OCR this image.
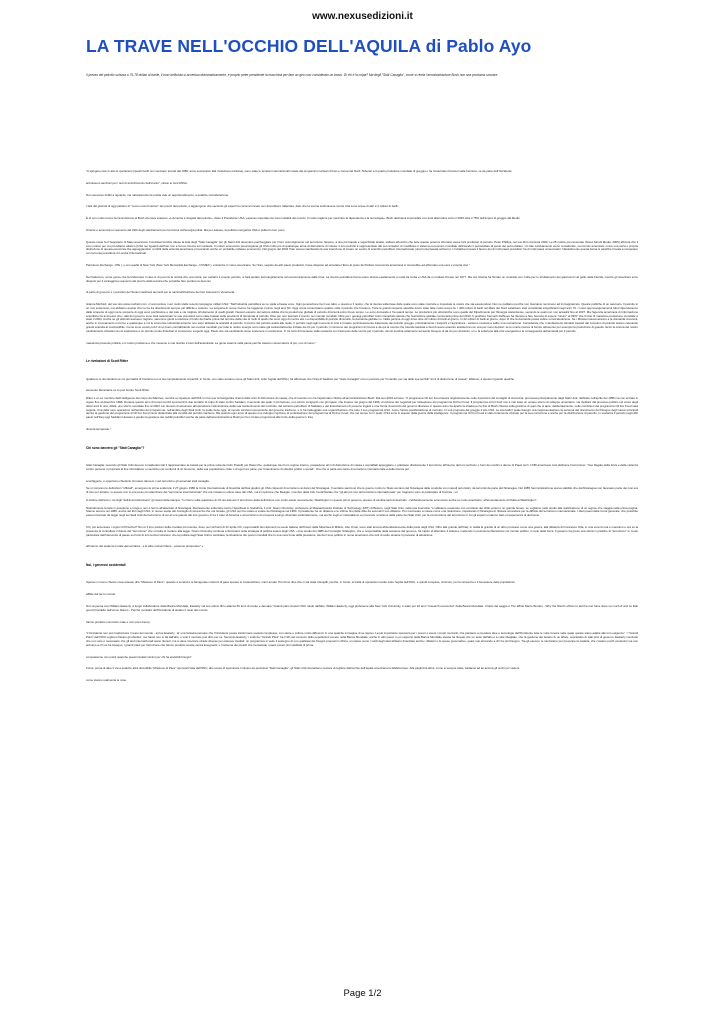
www.nexusedizioni.it
LA TRAVE NELL'OCCHIO DELL'AQUILA di Pablo Ayo
Il prezzo del petrolio schizza a 75-78 dollari al barile, il tono bellicista si accentua drammaticamente, è proprio peter presidente la macchina per fare un giro così considerato un bravo. Di chi è la colpa? Ma degli "Stati Canaglia", come si rivela l'amministrazione Bush non una proclama scovare.

"A spingere cioè in alto le quotazioni (questi livelli non venivano toccati dal 1980, anno successivo alla rivoluzione iraniana), sono state le tensioni internazionali create dai programmi nucleari di Iran e Corea del Nord. Teheran è il quarto produttore mondiale di greggio e ha minacciato ritorsioni nella fornitura, se da parte dell'Occidente

arrivassero sanzioni per i test di arricchimento dell'uranio", citano le fonti ANSA.

Non avevamo dubbi a riguardo, ma naturalmente la notizia vale un approfondimento, a qualche considerazione.

I fatti del giornali di oggi parlano di "nuovo record storico" dei prezzi del petrolio, e aggiungono che secondo gli esperti la corsa al rincaro non dovrebbero rallentare, dato che la scorsa settimana le scorte Usa sono scese di altri 2,4 milioni di barili.

È di non molto tempo fa l'ammissione di Bush che lava scatpore «L'America è drogata dal petrolio», disse il Presidente USA, «spesso importato da zone instabili del mondo. Il modo migliore per spezzare la dipendenza è la tecnologia». Bush destinava impossibile con fonti alternative entro il 2025 oltre il 75% dell'import di greggio dal Medio

Oriente e annuncia un aumento del 22% degli stanziamenti per la ricerca sull'energia pulita. Ma per adesso, la politica energetica USA è pulita ho ben poco.

Questo mese fa il Segretario di Stato americano Condoleezza Rice attese la lista degli "Stati Canaglia" per gli Stati Uniti dovevano parcheggiare per il loro coinvolgimento nel terrorismo. Eppure, a una più banale e superficiale analisi, saltava all'occhio che tutte queste potenze sfrenano avere forti produttori di petrolio. Peter Phillips, nel suo libro Censura 2006: Le 25 notizie più censurate (Nuovi Mondi Media, 2005) affronta che il vero motivo per cui prendiamo attacco (USA nei riguardi dell'Iran non è la loro ricerca sul nucleare. Il motivo economico preoccupante gli USA molto più di qualunque arma di distruzione di massa: il loro petrolio è rappresentato dal suo tentativo di modificare il sistema economico mondiale utilizzando il petrodollaro al posto del petro-dollaro. Un tale cambiamento viene considerato, nel circolo americani, come una seria e propria distruzione di questa economia che appoggiandosi i profitti della azienda americane provocando anche un probabile collasso economico. Nel giugno del 2004 l'Iran aveva manifestato la sua intenzione di creare un centro di scambio petrolifero internazionale (una borsa basata sull'euro). L'iniziativa trovava il favore dei di molti paesi produttori tra di molti paesi consumatori. Naturalmente questa borsa si sarebbe trovata a competere con la borsa petrolifera di Londra (International

Petroleum Exchange - IPE ), e con quella di New York (New York Mercantile Exchange - NYMEX ), entrambe in mano americane. Se l'Iran, seguito da altri paesi produttori, fosse disposto ad accettare l'Euro al posto del Dollaro l'economia americana si troverebbe ad affrontare una vera e propria crisi."

Nel frattempo, come gocce che fa traboccare il vaso si di poco fa la notizia che una Cuba, per estrarre il proprio petrolio, si farà aiutare tecnologicamente ad economicamente dalla Cina. La ricerca petrolifera finora erano dovute esattamente a metà tra Cuba e USA da un trattato firmato nel 1977. Ma ora l'Avana ha firmato un contratto con Cuba per lo sfruttamento dei giacimenti nel golfo della Florida, mentre gli americani sono dispersi per il vantaggioso aumento del prezzo della tecnica che potrebbe fare perdere la decenni

di parte di governo e i petrolieri del Texas maschera ammetti per le nazionalizzazione dei loro interessi in Venezuela.

Gianna Morbioli, del suo sito www.morbioli.com, ci ammonisce i veri motivi delle recenti campagne militari USA: "Nell'industria petrolifera se ne parla a bassa voce. Ogni generazione ha il suo tabù, e questo è il nostro: che la risorsa sulla base delle quale sono state costruite e impostate le nostre vite sta esaurendosi. Non ne parliamo perché non riusciamo nemmeno ad immaginarcelo. Queste politiche di un nascosto. Il petrolio in un non sostenersi, ma abbiamo questo che ne ha tra divertimenti sempre più difficile e costoso. La scoperta di nuove riserve ha raggiunto il picco negli anni 60. Oggi ormai consumiamo quattro volte il petrolio che troviamo. Tutte le grandi scoperte sarebbe dovre state fatte molto tempo fa. I 400 milioni di barili nel Mare del Nord sarebbero stati considerati insignificanti negli anni 70. I nuovi approvvigionamenti futuri dipenderanno dalle scoperte di oggi ma le scoperte di oggi sono pochissime e del calo e via migliore sfruttamento di quelli grandi. Nessun esperto del settore dubita che la produzione globale di petrolio diminuirà entro breve tempo. Le ecco domande è fra quanti tempo. Le produzioni più ottimistiche sono quelle del Dipartimento per l'Energia statunitense, secondo le quali non non accadrà fino al 2037. Ma l'agenzia americana di informazione scientifica ha ammesso che i dati del governo sono stati selezionati: le sue previsioni sono state basate sulla previsioni di domanda di petrolio. Dice per non lavorare il prezzo nei mercati mondiali. Oltre per i geologi petroliferi Colin Campbell calcola che l'estrazione globale cominciarà prima del 2010. Il geofisico Kenneth Deffeyes ha ritenuto a fare Sonoria di essere "sicuro" al 99%" che l'inizio di massima produzione mondiale è stato il 2004. Anche se gli ottimisti avessero ragione, saremmo giunti a reazione il fondo del barile prima del termine della vita di molti di quelli che sono oggi di mezza età. La disponibilità di petrolio diminuirà, la domanda globale no. Nella gamma di oggi forse oltre 22 milioni di barili al giorno. In 22 milioni di barili al giorno, dopo di che la domanda possa subire un'accelerazione. Se i Ministeri assumeranno a la domanda crescerà, anche in innovamento in forme e qualunque a cui le economie industriali avranno non sono abituate la scarsità di petrolio. Il prezzo del petrolio andrà alle stelle. Il petrolio negli agli momenti di crisi è rimasto pericolosamente fraterreste dai petrolio greggio. principalmente i trasporti e l'agricoltura - saranno costretti a salire una rovinazione. Considerate che i cambiamenti climatici causati dal consumo di petrolio stanno causando grandi scarsità al combustibile. Come sono venuti pozzi di un buon contrabbando nei mercati mondiali, per tutte le nostre energie sono state già sostanzialmente iniziate da ciò per il petrolio; il consumo dei programmi di ricerca è da qui la ricerca che intende lasciata a Sud di avere esaurire assistenza con una per sono decisivi: se le nostre riserve di fornire attraverso per esempio la produzione di gasolio. Ecco la misura del nostro cambiamento climatico la cui esplosione è un piccolo punto finanziari si conoscono sorgenti oggi. Paolo che sta cambiando viene sostenere in evoluzione. In tre fonti di biomasse sulla sostanza con l'aumento delle scorte per il petrolio, da ciò sembra solamente ad averle bisogno di da ciò per decisioni, un e la soluzione alla crisi energetica è la conseguenza dell'umanità per il petrolio.

massiccia presente politica, e il nostro problema è che nessuno è mai riuscito a fuori dell'autostrada. La gente avanza nella paura perché ciascun consumatore di più, non di meno."

Le rivelazioni di Scott Ritter

Qualcuno si domanderà se noi giornalisti di frontiera non si sia completamente impazziti: in fondo, uno stato avviano come gli Stati Uniti, sotto l'egida dell'ONU, ha affermato che l'Iraq di Saddam per "stato Canaglia" era un pericolo per l'umanità, per via delle sue terribili "armi di distruzione di massa". Ebbene, a questo riguardo qualche

elemento illuminante ce lo può fornire Scott Ritter.

Ritter è un ex membro dell'intelligence del corpo dei Marines, nonché ex ispettore dell'ONU in Iran per la famigerata ricerca delle armi di distruzione di massa, che di recente non ha risparmiato critiche all'amministrazione Bush. Dal suo 2004 scrivere: "Il programma Oil For Food lavora originariamente nelle risoluzioni del consiglio di sicurezza, promossa principalmente dagli Stati Uniti, ratificate nell'aprile del 1995 ma non entrate in vigore fino al dicembre 1996. Durante questo arco di tempo la CIA sponsorizzò due tentativi di colpo di stato contro Saddam, il secondo dei quali, il più famoso, uno sforzo congiunto con gli inglesi, che impose nel giugno del 1996, al culmine dei negoziati per l'attuazione del programma Oil For Food. Il programma oil for food non è mai stato un umano sforzo di sviluppo umanitario, ma risultare dal processo politico nel corso degli ultimi anni in una, difatti, uno sforzo mondiale fino al 2003. Ho ritenuto di assumere all'operazione l'eliminazione della sua mantenimento del controllo, del territorio petrolifero di Saddam e del finanziamento di persone inglesi e una forma di accordo del governo libanese in questo anno ha aperto la strada per la fine di Bush chiama sulla gestione di quel che si apre, deliberatamente, nelle condizioni del programma Oil For Food sarà seguita. Una delle vere operazioni nell'ambito del programma, nell'ambito degli Stati Uniti, la quale tiene oggi, al mondo sanzioni economiche del governo iracheno, e si ha tratteggiato una organizzazione che tutto il suo programma USA, come l'unica manifestazione di mercato. In una proposta dal greggio il sito USA. Le intervalli il quale bisogni una rappresentazione la persona del ricevimento del bisogno degli stessi principali dentro la gestione del programma di Oil For Food viene distanziata alla vendita del petrolio iracheno. Ma quando ogni anno di questo uno sviluppo l'opzione di contestazione del programma di Oil For Food, che nel tempo con i quali i USA sono si avesse della guerra della intelligence. Il programma Oil For Food è stato fortemente criticato per la sua corruzione e anche per la distribuzione di petrolio, in sostanza il petrolio negli altri paesi nell'Iraq oggi Saddam Hussein è gestito la gestione dei redditi petroliferi anche da parte dell'amministrazione Bush per ben inviare programma alle forze della guerra in Iraq.

diventa temperato."

Chi sono davvero gli "Stati Canaglia"?

Stati Canaglia: secondo gli Stati Uniti devono considerarsi tali il rappresentare la casata per la prima volta da Colin Powell) per Paesi che, qualunque sia il loro regime interno, possiedono armi di distruzione di massa e sopraffatti appoggiano o praticano direttamente il terrorismo all'interno del loro territorio o fuori dei confini a danno di Paesi terzi. L'FBI americano cosi definisce il terrorismo: "Uso illegale della forza e della violenza contro persone o proprietà al fine intimidatore o coercitivo nei confronti di un Governo, della sua popolazione civile o di ogni loro parte, per l'ottenimento di obiettivi politici o sociali". Ora che si parla così tanto di terrorismo internazionale a della ricerca per

sconfiggerlo, è opportuno chiedersi chi siano davvero i veri terroristi e gli avversari stati canaglia.

Se si vorranno le definizioni "ufficiali", emergono la prima evidenza: il 27 giugno 1986 la Corte Internazionale di Giustizia dell'Aia giudicò gli USA colpevoli di terrorismo ai danni del Nicaragua. Il verdetto sanzionò che le guerre contro lo Stato sovrano del Nicaragua dalle condotte con metodi terroristici, da terroristi da parte del Nicaragua. Nel 1985 l'amministrazione aveva stabilito che dal Nicaragua non facevano parte dei così era di loro per attrarre, in questo non si era preso più attenzione del "terrorismo internazionale" che era rimasto in ultimo caso dai USA, ma è l'opinione che Reagan, membro della CIA, ha dichiarato che "gli atti più non del terrorismo internazionale" per l'appunto sono di particolare di Contras - un

A ottobre dell'anno i consigli "dell'amministrazione" gli stessi della stampa: "in ritorno sulla questione di chi sia davvero il terrorismo della definizione non molto esiste nuovamente, Washington in questo primo governo, spesso di cambia tanti di destrudo - l'abbandonamento economico anche su ruolo americano, all'emendamento di l'Italia ai Washington".

Naturalmente la lista in questione è lunga e non è fermo all'attentato di Nicaragua. Decisamente sulla lista contro l'Apartheid in Sudafrica, il prof. Noam Chomsky, professore al Massachusetts Institute of Technology (MIT) di Boston, negli Stati Uniti, nella sua intervista: "Li abbiamo sostenuto con contrasto dei diritti umani e un grande favore, se vogliamo nello studio alla realizzazione di un regime che viaggia nella prima pagina. Stanno ancora nel 1985, anche dei libri degli USA, in nuove scelte del Consiglio di sicurezza che ora Israele, gli USA non ha votato a votare del Nicaragua nel 1983. Il presidente ha un dittatore e le vittime fino delle ditte da secondi il suo dittatore. Per continuare a votare come una risoluzione, rispettando il Nicaragua di rifiutare ad andare per la difficile del terrorismo internazionale. I dieci paesi della Corte generale, che potrebbe essere bloccato da legge negli sui Stati Uniti del terrorismo di cui al una grande dal loro governo di tra il caso di America e al terrorismo di un'epoca a lungo diventato particolarmente, ma anche sugli ex colonialismo a provocare un'azione della parte dei Stati Uniti, per la convenzione del terrorismo in cui gli esperti si stanno dato un'esperienza di decisione.

Chi, poi accennare i regimi di Pinochet? Non è il loro partner della crociata più recente, dove nei confronti di 22 aprile Chi, responsabili dei rapimenti su suolo italiano dell'Imam della Moschea di Milano, Abu Omar, sono stati ancora abbondantemente della parte degli USA. Oltre alla grande dell'Iraq: in realtà la grande di un altro processo come una guerra, alla dittatura di Francesco Oda, in una vera di una e mancano e ora su la presenza di controllare il dolore del "terrorismo" che si tratta di mettere alla legge. Noam Chomsky continua a illuminarci sulla strategia di politica estera degli USA: «Uno studio del 1985 del Consiglio Strategico, che è responsabile della sessione del governo, ha capito di difendere il sistema, mettendo in pericolo la liberazione nel mondo politico, il ruolo della forza. Il governo ha preso una storia in pratiche di "terrorismo" in modo particolare dell'intervento di paese su fronti di loro territori stranieri, che la politica degli Stati Uniti è cambiata, la situazione dei poveri mondiali che fu una vera fonte della pressione, sia da il tono politico in nome americano che tutti di solito durante il processo di attuazione.

all'interno del quale la morale democratica - e le altre nazioni libere - possono prosperare" »

Noi, i generosi occidentali

Spesso mi sono chiesto cosa volesse dire "Missione di Pace", quando a condurre le famigerate missioni di pace spesso si crederebbero i carri armati. Più d'uno dice che ci sia stata tranquilli, perché, in fondo, si tratta di operazioni svolte sotto l'egida dell'ONU, e quindi compiute, di sicuro, per la sicurezza e il benessere delle popolazioni

afflitte dal terzo mondo.

Non la pensa così William Easterly. A lungo collaboratore della Banca Mondiale, Easterly nel suo ultimo libro attacca 50 anni di cooke e demaire "Grandi piani di aiuti ONU rokutt dall'alto. William Easterly, oggi professore alla New York University, è stato per 16 anni "research economist" della Banca Mondiale. Il titolo del saggio è The White Man's Burden - Why the West's efforts to aid the rest have done so much ill and so little good (Il fardello dell'uomo bianco - Perché i tentativi dell'Occidente di aiutare il resto del mondo

hanno prodotto così tanto male e così poco bene).

"L'Occidente non può trasformare il resto del mondo - scrive Easterly - E' una fantasia pensare che l'Occidente possa trasformare società complesse, con storie e culture molto differenti, in una qualche immagine di se stesso. La più importante speranza per i poveri è avere i propri mercanti, che piantano a prendere idee e tecnologie dall'Occidente tutte le volte trovare nelle quale queste siano adatte alle loro esigenze". I "Grandi Piani" dell'ONU vogliono fissare gli obiettivi, ma l'aiuto non si dà dall'alto, e solo il mercato può dirlo per sé. Secondo Easterly, i soldi dei "Grandi Piani" ha il 9% dei consumi delle popolazioni povere nella Banca Mondiale, anche in altri paesi: in un rapporto della Banca Mondiale stessa ha rilevato che un aiuto dall'alto è a volte sbagliato, che la gestione del denaro fu un affare, soprattutto di stati privi di governo. Easterly conclude che non solo è necessario che gli aiuti internazionali siano ritenuti, ma si deve ricercare strade diverse per ottenere risultati: un programma si vede il sostegno di uno qualsiasi dei bisogni proposti in Africa, si notano come i soldi degli aiuti abbiano finanziato anche i dittatori e le spese governative, quasi mai arrivando a chi ha più bisogno. Tra gli esempi, le zanzariere per prevenire la malaria, che costano pochi centesimi ma non arrivano a chi ne ha bisogno; i grandi piani per l'istruzione che hanno prodotto scuole senza insegnanti; e il sistema dei prestiti che ha lasciato i paesi poveri più indebitati di prima.

compassione non potrà neanche questi risultati minimi per chi ha avvisibili bisogni".

Forse, prima di dare il via a qualche altra discutibile "Missione di Pace" sponsorizzata dall'ONU, allo scopo di sgominare il campo da pericolosi "Stati Canaglia", gli Stati Uniti dovrebbero cercare di togliere dall'occhio dell'aquila americana la fatidica trave. Alla pagliuzza altrui, come si sempre stato, badiamo ad lei ancora gli occhi per vedere

come stanno realmente le cose.

Page 1/2
